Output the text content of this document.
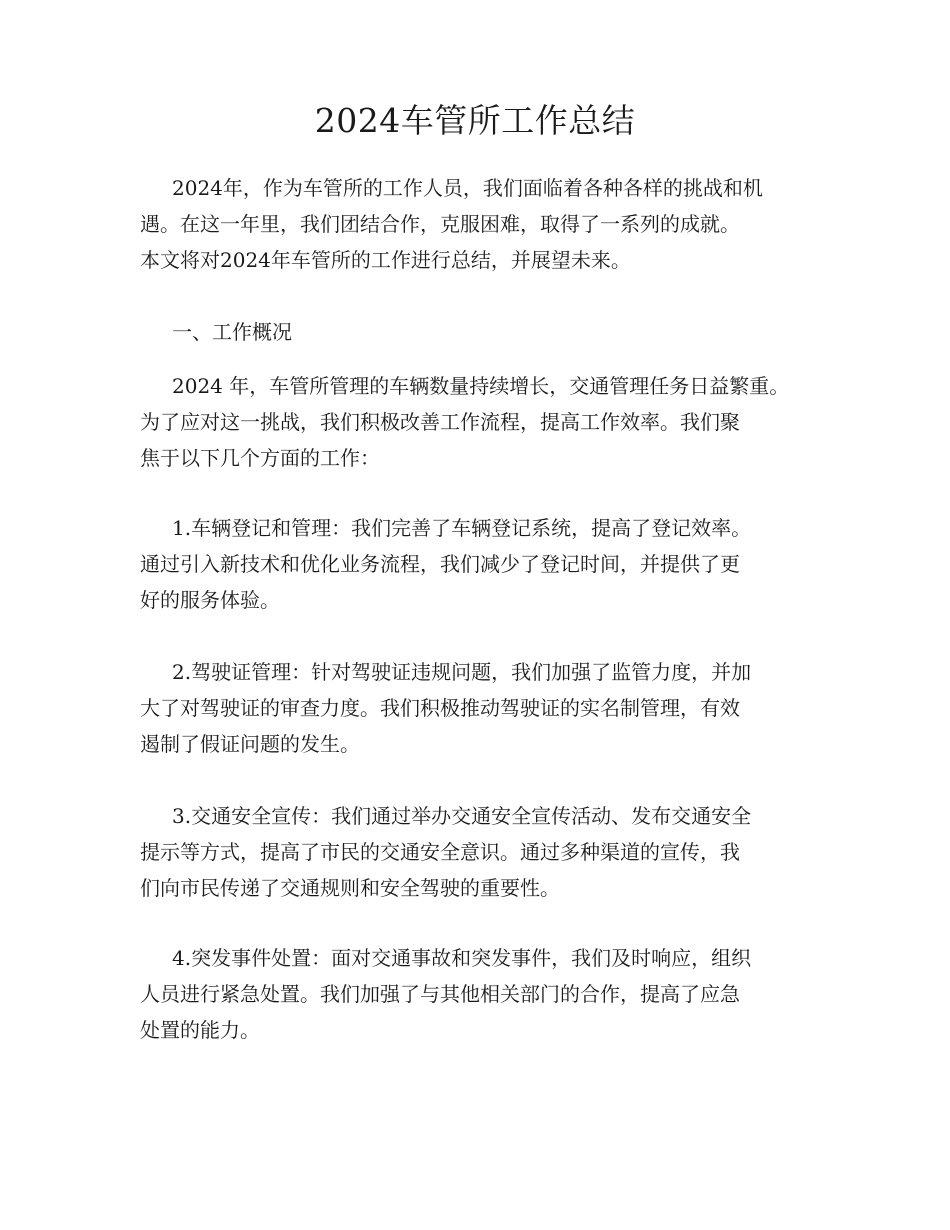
2024车管所工作总结

2024年，作为车管所的工作人员，我们面临着各种各样的挑战和机
遇。在这一年里，我们团结合作，克服困难，取得了一系列的成就。
本文将对2024年车管所的工作进行总结，并展望未来。

一、工作概况

2024 年，车管所管理的车辆数量持续增长，交通管理任务日益繁重。
为了应对这一挑战，我们积极改善工作流程，提高工作效率。我们聚
焦于以下几个方面的工作：

1.车辆登记和管理：我们完善了车辆登记系统，提高了登记效率。
通过引入新技术和优化业务流程，我们减少了登记时间，并提供了更
好的服务体验。

2.驾驶证管理：针对驾驶证违规问题，我们加强了监管力度，并加
大了对驾驶证的审查力度。我们积极推动驾驶证的实名制管理，有效
遏制了假证问题的发生。

3.交通安全宣传：我们通过举办交通安全宣传活动、发布交通安全
提示等方式，提高了市民的交通安全意识。通过多种渠道的宣传，我
们向市民传递了交通规则和安全驾驶的重要性。

4.突发事件处置：面对交通事故和突发事件，我们及时响应，组织
人员进行紧急处置。我们加强了与其他相关部门的合作，提高了应急
处置的能力。
